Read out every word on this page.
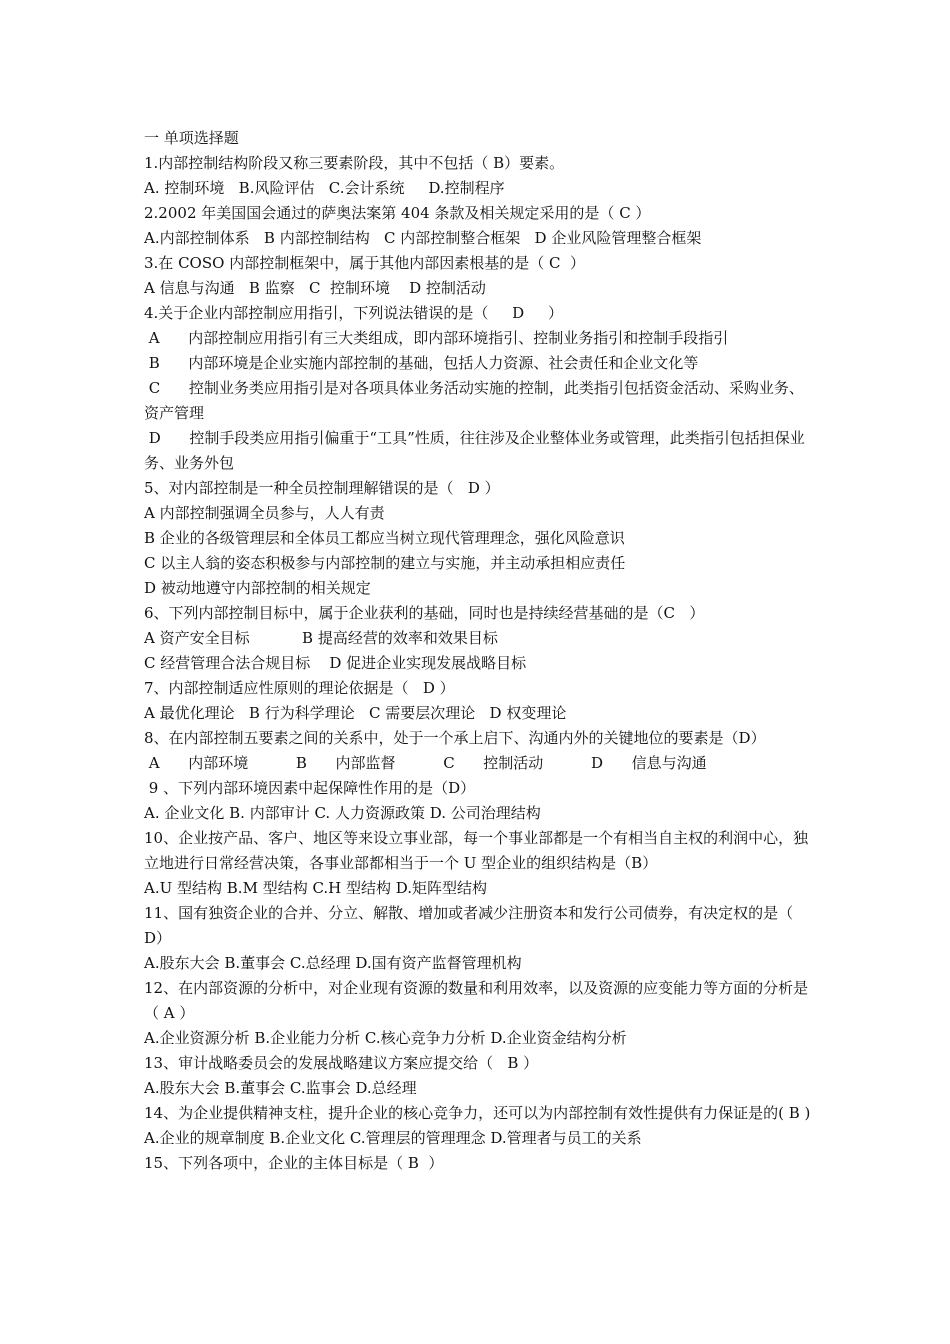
一 单项选择题

1.内部控制结构阶段又称三要素阶段，其中不包括（ B）要素。

A. 控制环境   B.风险评估   C.会计系统     D.控制程序

2.2002 年美国国会通过的萨奥法案第 404 条款及相关规定采用的是（ C ）

A.内部控制体系   B 内部控制结构   C 内部控制整合框架   D 企业风险管理整合框架

3.在 COSO 内部控制框架中，属于其他内部因素根基的是（ C  ）

A 信息与沟通   B 监察   C  控制环境    D 控制活动

4.关于企业内部控制应用指引，下列说法错误的是（     D     ）

A      内部控制应用指引有三大类组成，即内部环境指引、控制业务指引和控制手段指引

B      内部环境是企业实施内部控制的基础，包括人力资源、社会责任和企业文化等

C      控制业务类应用指引是对各项具体业务活动实施的控制，此类指引包括资金活动、采购业务、资产管理

D      控制手段类应用指引偏重于“工具”性质，往往涉及企业整体业务或管理，此类指引包括担保业务、业务外包

5、对内部控制是一种全员控制理解错误的是（   D ）

A 内部控制强调全员参与，人人有责

B 企业的各级管理层和全体员工都应当树立现代管理理念，强化风险意识

C 以主人翁的姿态积极参与内部控制的建立与实施，并主动承担相应责任

D 被动地遵守内部控制的相关规定

6、下列内部控制目标中，属于企业获利的基础，同时也是持续经营基础的是（C   ）

A 资产安全目标           B 提高经营的效率和效果目标

C 经营管理合法合规目标    D 促进企业实现发展战略目标

7、内部控制适应性原则的理论依据是（   D ）

A 最优化理论   B 行为科学理论   C 需要层次理论   D 权变理论

8、在内部控制五要素之间的关系中，处于一个承上启下、沟通内外的关键地位的要素是（D）

A      内部环境          B      内部监督          C      控制活动          D      信息与沟通

9 、下列内部环境因素中起保障性作用的是（D）

A. 企业文化 B. 内部审计 C. 人力资源政策 D. 公司治理结构

10、企业按产品、客户、地区等来设立事业部，每一个事业部都是一个有相当自主权的利润中心，独立地进行日常经营决策，各事业部都相当于一个 U 型企业的组织结构是（B）

A.U 型结构 B.M 型结构 C.H 型结构 D.矩阵型结构

11、国有独资企业的合并、分立、解散、增加或者减少注册资本和发行公司债券，有决定权的是（   D）

A.股东大会 B.董事会 C.总经理 D.国有资产监督管理机构

12、在内部资源的分析中，对企业现有资源的数量和利用效率，以及资源的应变能力等方面的分析是（ A ）

A.企业资源分析 B.企业能力分析 C.核心竞争力分析 D.企业资金结构分析

13、审计战略委员会的发展战略建议方案应提交给（   B ）

A.股东大会 B.董事会 C.监事会 D.总经理

14、为企业提供精神支柱，提升企业的核心竞争力，还可以为内部控制有效性提供有力保证是的( B )

A.企业的规章制度 B.企业文化 C.管理层的管理理念 D.管理者与员工的关系

15、下列各项中，企业的主体目标是（ B  ）
